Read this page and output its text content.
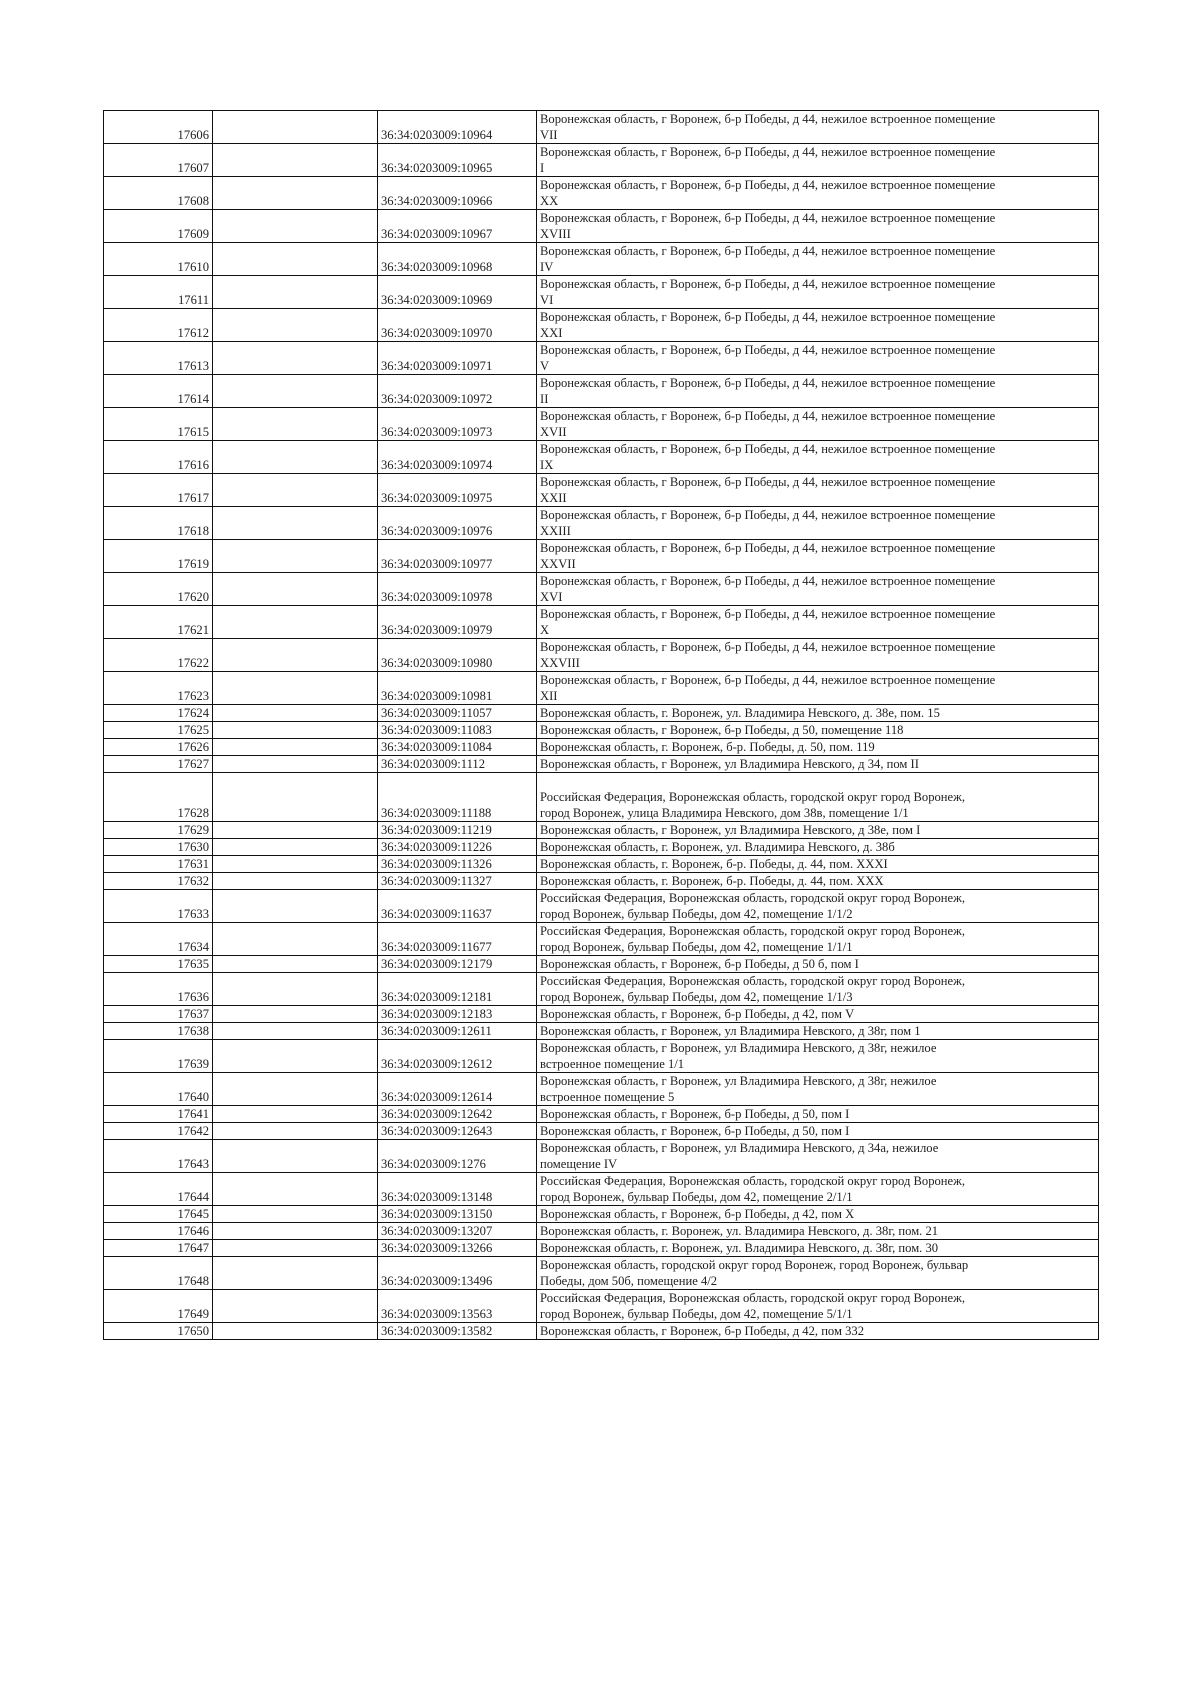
17606		36:34:0203009:10964	Воронежская область, г Воронеж, б-р Победы, д 44, нежилое встроенное помещение
VII

17607		36:34:0203009:10965	Воронежская область, г Воронеж, б-р Победы, д 44, нежилое встроенное помещение
I

17608		36:34:0203009:10966	Воронежская область, г Воронеж, б-р Победы, д 44, нежилое встроенное помещение
XX

17609		36:34:0203009:10967	Воронежская область, г Воронеж, б-р Победы, д 44, нежилое встроенное помещение
XVIII

17610		36:34:0203009:10968	Воронежская область, г Воронеж, б-р Победы, д 44, нежилое встроенное помещение
IV

17611		36:34:0203009:10969	Воронежская область, г Воронеж, б-р Победы, д 44, нежилое встроенное помещение
VI

17612		36:34:0203009:10970	Воронежская область, г Воронеж, б-р Победы, д 44, нежилое встроенное помещение
XXI

17613		36:34:0203009:10971	Воронежская область, г Воронеж, б-р Победы, д 44, нежилое встроенное помещение
V

17614		36:34:0203009:10972	Воронежская область, г Воронеж, б-р Победы, д 44, нежилое встроенное помещение
II

17615		36:34:0203009:10973	Воронежская область, г Воронеж, б-р Победы, д 44, нежилое встроенное помещение
XVII

17616		36:34:0203009:10974	Воронежская область, г Воронеж, б-р Победы, д 44, нежилое встроенное помещение
IX

17617		36:34:0203009:10975	Воронежская область, г Воронеж, б-р Победы, д 44, нежилое встроенное помещение
XXII

17618		36:34:0203009:10976	Воронежская область, г Воронеж, б-р Победы, д 44, нежилое встроенное помещение
XXIII

17619		36:34:0203009:10977	Воронежская область, г Воронеж, б-р Победы, д 44, нежилое встроенное помещение
XXVII

17620		36:34:0203009:10978	Воронежская область, г Воронеж, б-р Победы, д 44, нежилое встроенное помещение
XVI

17621		36:34:0203009:10979	Воронежская область, г Воронеж, б-р Победы, д 44, нежилое встроенное помещение
X

17622		36:34:0203009:10980	Воронежская область, г Воронеж, б-р Победы, д 44, нежилое встроенное помещение
XXVIII

17623		36:34:0203009:10981	Воронежская область, г Воронеж, б-р Победы, д 44, нежилое встроенное помещение
XII

17624		36:34:0203009:11057	Воронежская область, г. Воронеж, ул. Владимира Невского, д. 38е, пом. 15

17625		36:34:0203009:11083	Воронежская область, г Воронеж, б-р Победы, д 50, помещение 118

17626		36:34:0203009:11084	Воронежская область, г. Воронеж, б-р. Победы, д. 50, пом. 119

17627		36:34:0203009:1112	Воронежская область, г Воронеж, ул Владимира Невского, д 34, пом II

17628		36:34:0203009:11188	Российская Федерация, Воронежская область, городской округ город Воронеж,
город Воронеж, улица Владимира Невского, дом 38в, помещение 1/1

17629		36:34:0203009:11219	Воронежская область, г Воронеж, ул Владимира Невского, д 38е, пом I

17630		36:34:0203009:11226	Воронежская область, г. Воронеж, ул. Владимира Невского, д. 38б

17631		36:34:0203009:11326	Воронежская область, г. Воронеж, б-р. Победы, д. 44, пом. XXXI

17632		36:34:0203009:11327	Воронежская область, г. Воронеж, б-р. Победы, д. 44, пом. XXX

17633		36:34:0203009:11637	Российская Федерация, Воронежская область, городской округ город Воронеж,
город Воронеж, бульвар Победы, дом 42, помещение 1/1/2

17634		36:34:0203009:11677	Российская Федерация, Воронежская область, городской округ город Воронеж,
город Воронеж, бульвар Победы, дом 42, помещение 1/1/1

17635		36:34:0203009:12179	Воронежская область, г Воронеж, б-р Победы, д 50 б, пом I

17636		36:34:0203009:12181	Российская Федерация, Воронежская область, городской округ город Воронеж,
город Воронеж, бульвар Победы, дом 42, помещение 1/1/3

17637		36:34:0203009:12183	Воронежская область, г Воронеж, б-р Победы, д 42, пом V

17638		36:34:0203009:12611	Воронежская область, г Воронеж, ул Владимира Невского, д 38г, пом 1

17639		36:34:0203009:12612	Воронежская область, г Воронеж, ул Владимира Невского, д 38г, нежилое
встроенное помещение 1/1

17640		36:34:0203009:12614	Воронежская область, г Воронеж, ул Владимира Невского, д 38г, нежилое
встроенное помещение 5

17641		36:34:0203009:12642	Воронежская область, г Воронеж, б-р Победы, д 50, пом I

17642		36:34:0203009:12643	Воронежская область, г Воронеж, б-р Победы, д 50, пом I

17643		36:34:0203009:1276	Воронежская область, г Воронеж, ул Владимира Невского, д 34а, нежилое
помещение IV

17644		36:34:0203009:13148	Российская Федерация, Воронежская область, городской округ город Воронеж,
город Воронеж, бульвар Победы, дом 42, помещение 2/1/1

17645		36:34:0203009:13150	Воронежская область, г Воронеж, б-р Победы, д 42, пом X

17646		36:34:0203009:13207	Воронежская область, г. Воронеж, ул. Владимира Невского, д. 38г, пом. 21

17647		36:34:0203009:13266	Воронежская область, г. Воронеж, ул. Владимира Невского, д. 38г, пом. 30

17648		36:34:0203009:13496	Воронежская область, городской округ город Воронеж, город Воронеж, бульвар
Победы, дом 50б, помещение 4/2

17649		36:34:0203009:13563	Российская Федерация, Воронежская область, городской округ город Воронеж,
город Воронеж, бульвар Победы, дом 42, помещение 5/1/1

17650		36:34:0203009:13582	Воронежская область, г Воронеж, б-р Победы, д 42, пом 332
